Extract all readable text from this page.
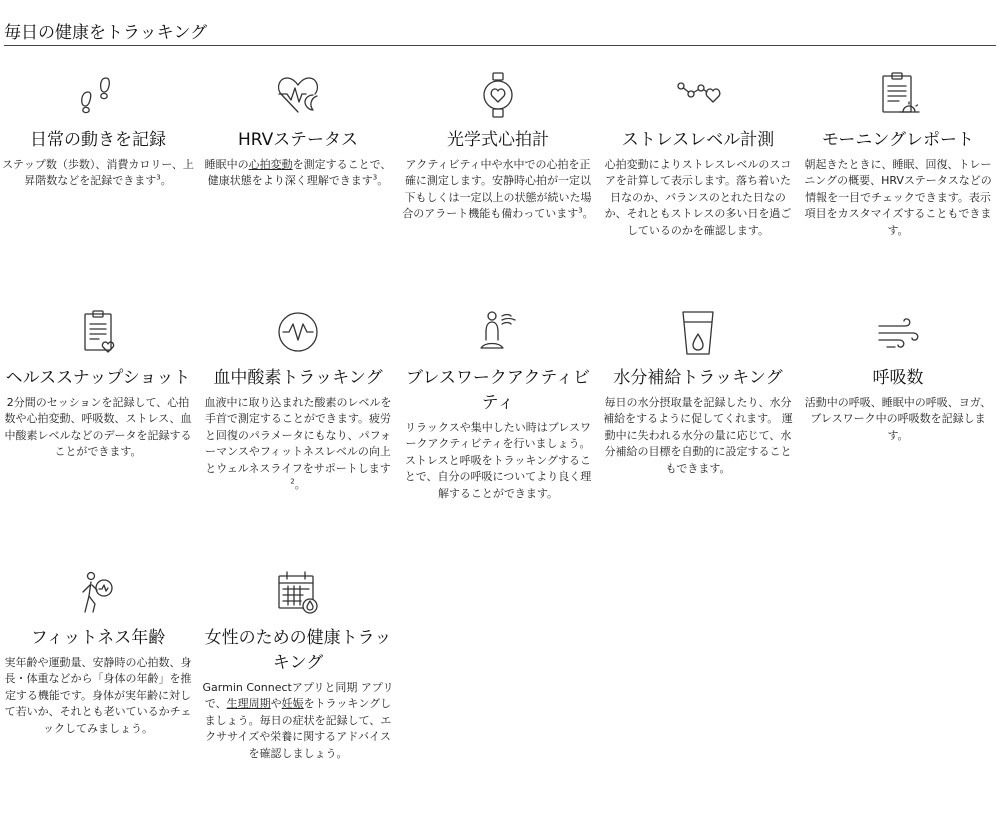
毎日の健康をトラッキング
日常の動きを記録
ステップ数（歩数）、消費カロリー、上昇階数などを記録できます$^3$。
HRVステータス
睡眠中の心拍変動を測定することで、健康状態をより深く理解できます$^3$。
光学式心拍計
アクティビティ中や水中での心拍を正確に測定します。安静時心拍が一定以下もしくは一定以上の状態が続いた場合のアラート機能も備わっています$^3$。
ストレスレベル計測
心拍変動によりストレスレベルのスコアを計算して表示します。落ち着いた日なのか、バランスのとれた日なのか、それともストレスの多い日を過ごしているのかを確認します。
モーニングレポート
朝起きたときに、睡眠、回復、トレーニングの概要、HRVステータスなどの情報を一目でチェックできます。表示項目をカスタマイズすることもできます。
ヘルススナップショット
2分間のセッションを記録して、心拍数や心拍変動、呼吸数、ストレス、血中酸素レベルなどのデータを記録することができます。
血中酸素トラッキング
血液中に取り込まれた酸素のレベルを手首で測定することができます。疲労と回復のパラメータにもなり、パフォーマンスやフィットネスレベルの向上とウェルネスライフをサポートします$^2$。
ブレスワークアクティビティ
リラックスや集中したい時はブレスワークアクティビティを行いましょう。ストレスと呼吸をトラッキングすることで、自分の呼吸についてより良く理解することができます。
水分補給トラッキング
毎日の水分摂取量を記録したり、水分補給をするように促してくれます。 運動中に失われる水分の量に応じて、水分補給の目標を自動的に設定することもできます。
呼吸数
活動中の呼吸、睡眠中の呼吸、ヨガ、ブレスワーク中の呼吸数を記録します。
フィットネス年齢
実年齢や運動量、安静時の心拍数、身長・体重などから「身体の年齢」を推定する機能です。身体が実年齢に対して若いか、それとも老いているかチェックしてみましょう。
女性のための健康トラッキング
Garmin Connectアプリと同期 アプリで、生理周期や妊娠をトラッキングしましょう。毎日の症状を記録して、エクササイズや栄養に関するアドバイスを確認しましょう。
